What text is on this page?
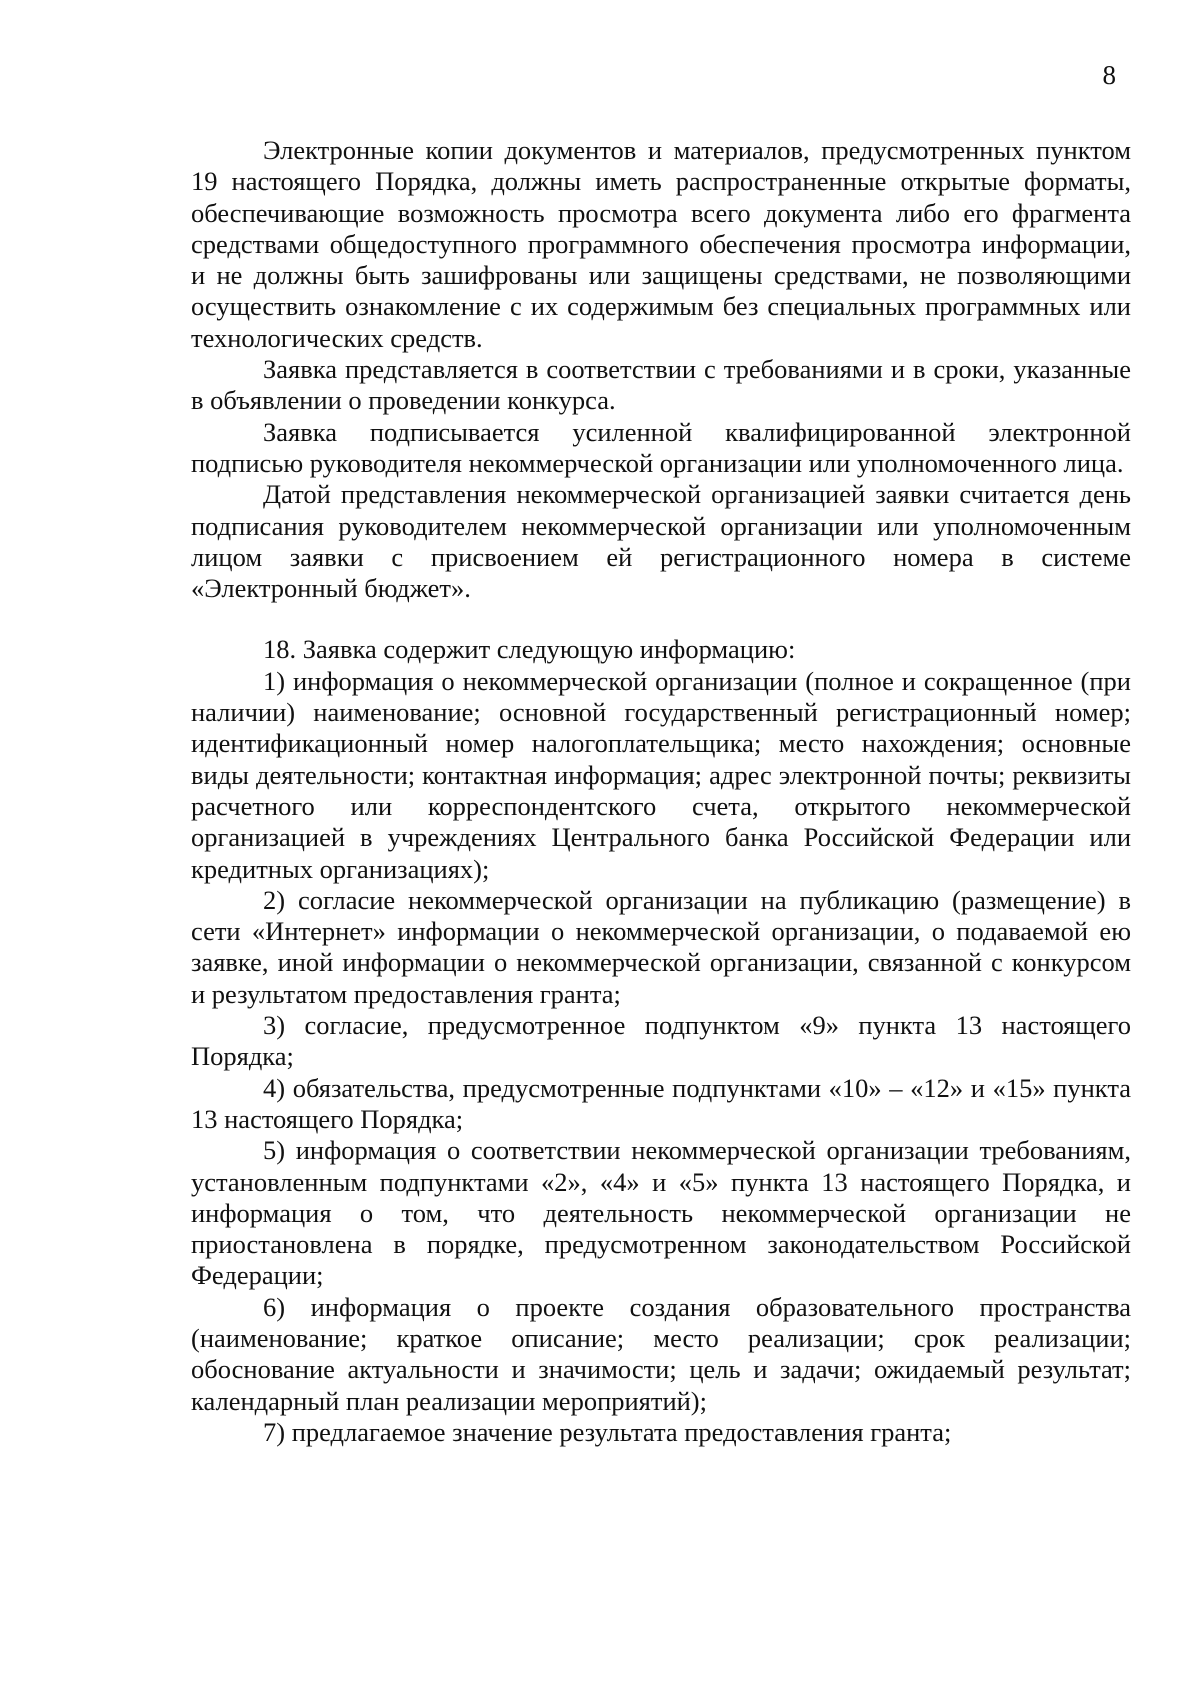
8

Электронные копии документов и материалов, предусмотренных пунктом 19 настоящего Порядка, должны иметь распространенные открытые форматы, обеспечивающие возможность просмотра всего документа либо его фрагмента средствами общедоступного программного обеспечения просмотра информации, и не должны быть зашифрованы или защищены средствами, не позволяющими осуществить ознакомление с их содержимым без специальных программных или технологических средств.

Заявка представляется в соответствии с требованиями и в сроки, указанные в объявлении о проведении конкурса.

Заявка подписывается усиленной квалифицированной электронной подписью руководителя некоммерческой организации или уполномоченного лица.

Датой представления некоммерческой организацией заявки считается день подписания руководителем некоммерческой организации или уполномоченным лицом заявки с присвоением ей регистрационного номера в системе «Электронный бюджет».

18. Заявка содержит следующую информацию:

1) информация о некоммерческой организации (полное и сокращенное (при наличии) наименование; основной государственный регистрационный номер; идентификационный номер налогоплательщика; место нахождения; основные виды деятельности; контактная информация; адрес электронной почты; реквизиты расчетного или корреспондентского счета, открытого некоммерческой организацией в учреждениях Центрального банка Российской Федерации или кредитных организациях);

2) согласие некоммерческой организации на публикацию (размещение) в сети «Интернет» информации о некоммерческой организации, о подаваемой ею заявке, иной информации о некоммерческой организации, связанной с конкурсом и результатом предоставления гранта;

3) согласие, предусмотренное подпунктом «9» пункта 13 настоящего Порядка;

4) обязательства, предусмотренные подпунктами «10» – «12» и «15» пункта 13 настоящего Порядка;

5) информация о соответствии некоммерческой организации требованиям, установленным подпунктами «2», «4» и «5» пункта 13 настоящего Порядка, и информация о том, что деятельность некоммерческой организации не приостановлена в порядке, предусмотренном законодательством Российской Федерации;

6) информация о проекте создания образовательного пространства (наименование; краткое описание; место реализации; срок реализации; обоснование актуальности и значимости; цель и задачи; ожидаемый результат; календарный план реализации мероприятий);

7) предлагаемое значение результата предоставления гранта;
